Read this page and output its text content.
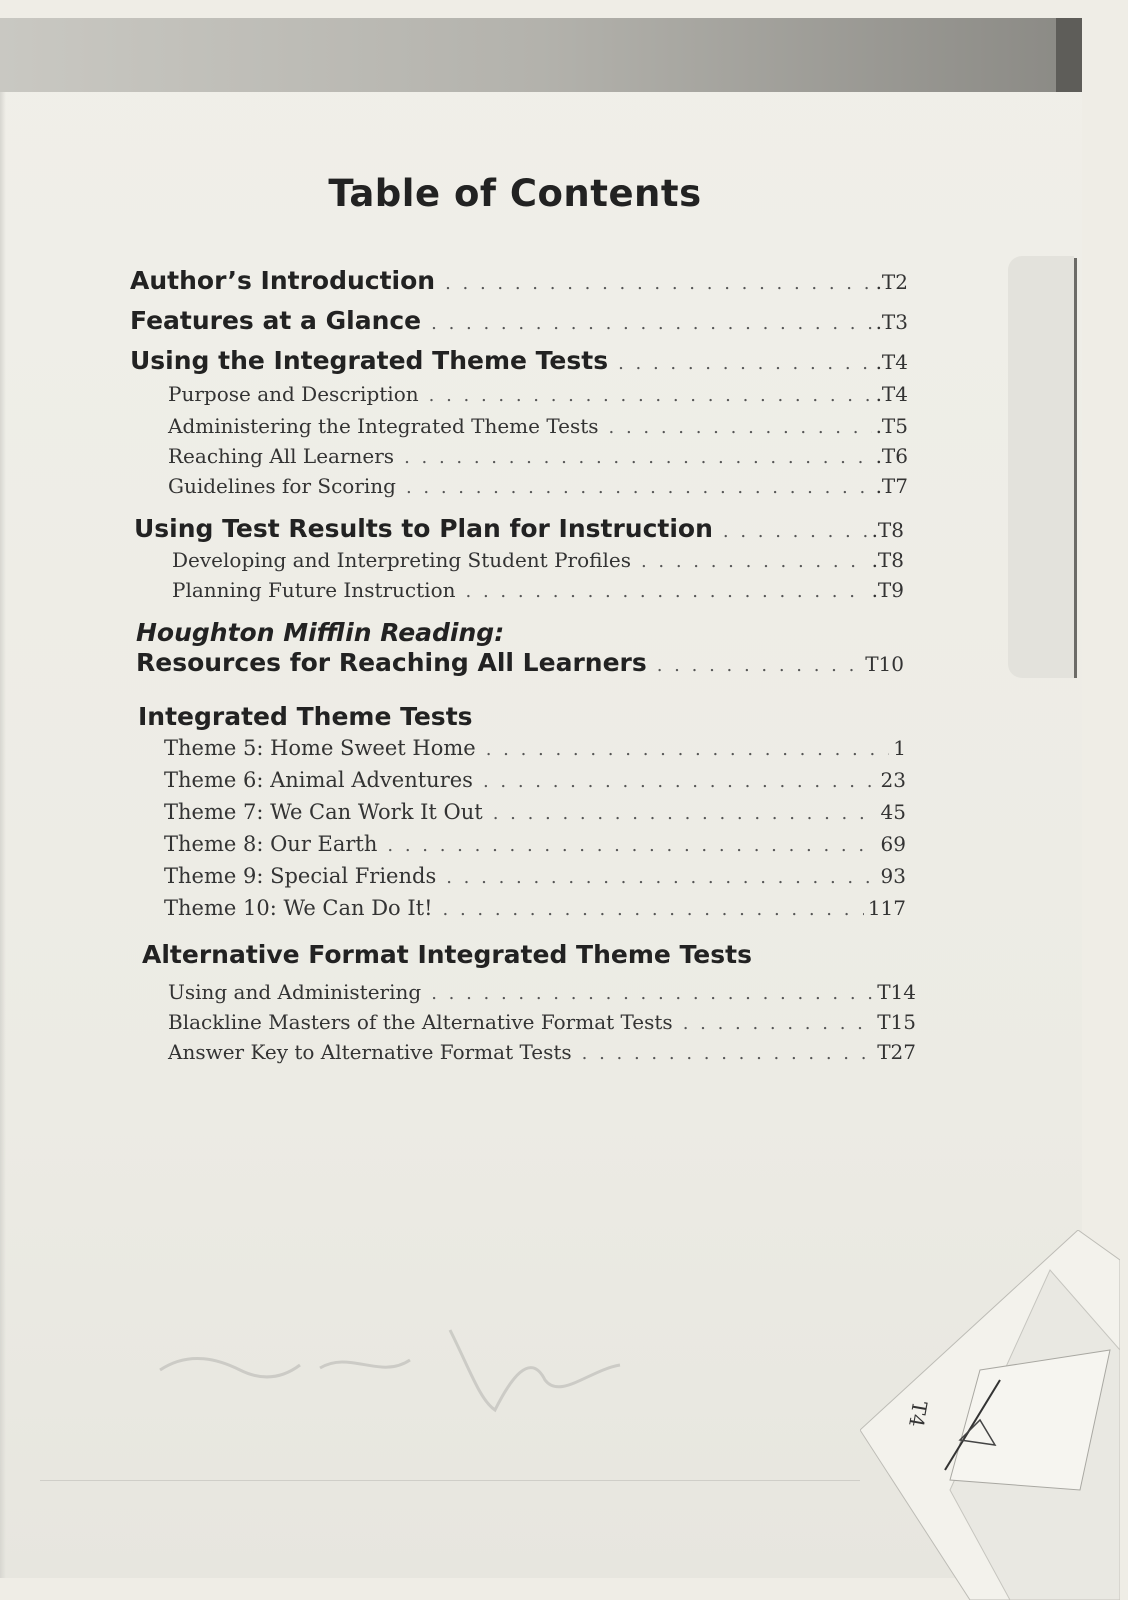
Table of Contents
Author’s Introduction . . .	.T2
Features at a Glance . . .	.T3
Using the Integrated Theme Tests . . .	.T4
Purpose and Description . . .	.T4
Administering the Integrated Theme Tests . . .	.T5
Reaching All Learners . . .	.T6
Guidelines for Scoring . . .	.T7
Using Test Results to Plan for Instruction . . .	.T8
Developing and Interpreting Student Profiles . . .	.T8
Planning Future Instruction . . .	.T9
Houghton Mifflin Reading:
Resources for Reaching All Learners . . .	T10
Integrated Theme Tests
Theme 5: Home Sweet Home . . .	1
Theme 6: Animal Adventures . . .	23
Theme 7: We Can Work It Out . . .	45
Theme 8: Our Earth . . .	69
Theme 9: Special Friends . . .	93
Theme 10: We Can Do It! . . .	117
Alternative Format Integrated Theme Tests
Using and Administering . . .	T14
Blackline Masters of the Alternative Format Tests . . .	T15
Answer Key to Alternative Format Tests . . .	T27
T4
